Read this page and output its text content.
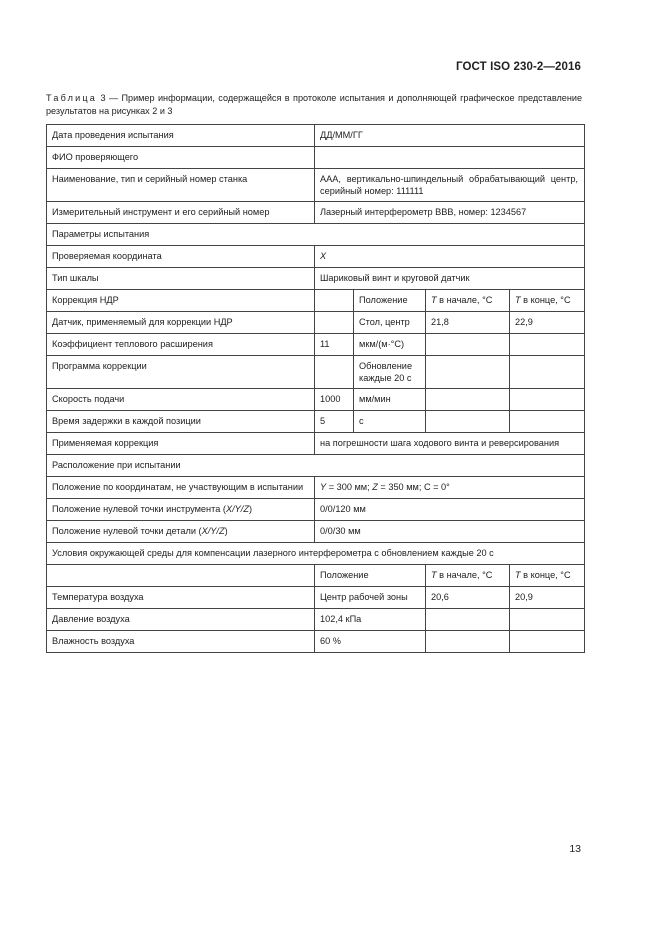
ГОСТ ISO 230-2—2016
Таблица 3 — Пример информации, содержащейся в протоколе испытания и дополняющей графическое представление результатов на рисунках 2 и 3
Дата проведения испытания	ДД/ММ/ГГ			
ФИО проверяющего				
Наименование, тип и серийный номер станка	ААА, вертикально-шпиндельный обрабатывающий центр, серийный номер: 111111			
Измерительный инструмент и его серийный номер	Лазерный интерферометр ВВВ, номер: 1234567			
Параметры испытания				
Проверяемая координата	X			
Тип шкалы	Шариковый винт и круговой датчик			
Коррекция НДР		Положение	T в начале, °С	T в конце, °С
Датчик, применяемый для коррекции НДР		Стол, центр	21,8	22,9
Коэффициент теплового расширения	11	мкм/(м·°С)		
Программа коррекции		Обновление каждые 20 с		
Скорость подачи	1000	мм/мин		
Время задержки в каждой позиции	5	с		
Применяемая коррекция	на погрешности шага ходового винта и реверсирования			
Расположение при испытании				
Положение по координатам, не участвующим в испытании	Y = 300 мм; Z = 350 мм; C = 0°			
Положение нулевой точки инструмента (X/Y/Z)	0/0/120 мм			
Положение нулевой точки детали (X/Y/Z)	0/0/30 мм			
Условия окружающей среды для компенсации лазерного интерферометра с обновлением каждые 20 с				
	Положение		T в начале, °С	T в конце, °С
Температура воздуха	Центр рабочей зоны		20,6	20,9
Давление воздуха	102,4 кПа			
Влажность воздуха	60 %			
13
